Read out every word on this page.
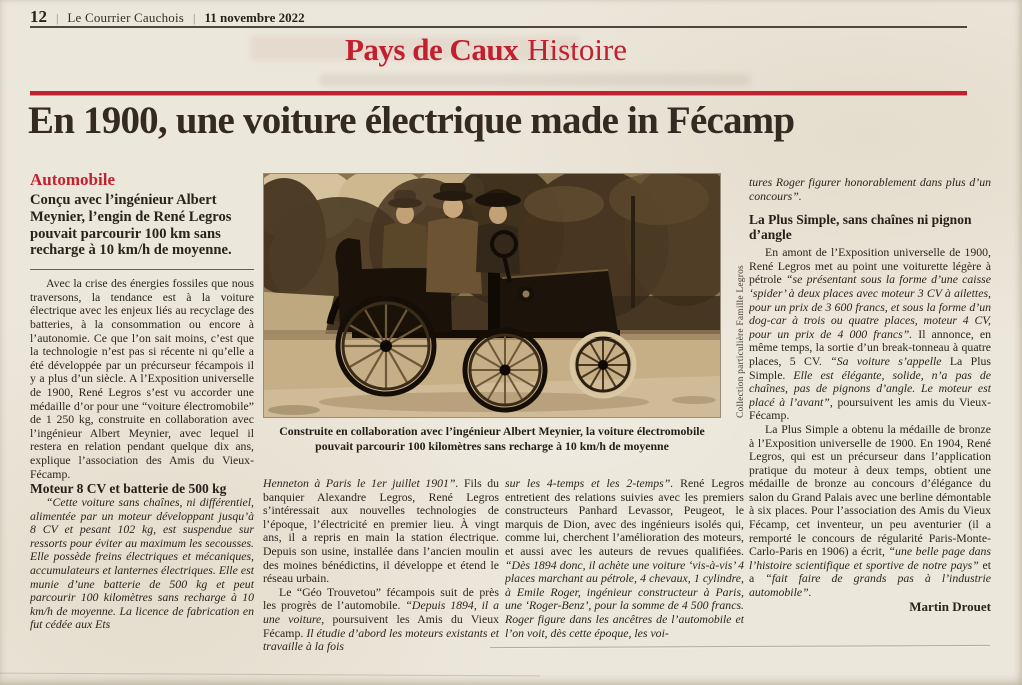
12 | Le Courrier Cauchois | 11 novembre 2022
Pays de Caux Histoire
En 1900, une voiture électrique made in Fécamp

Automobile

Conçu avec l’ingénieur Albert Meynier, l’engin de René Legros pouvait parcourir 100 km sans recharge à 10 km/h de moyenne.

Avec la crise des énergies fossiles que nous traversons, la tendance est à la voiture électrique avec les enjeux liés au recyclage des batteries, à la consommation ou encore à l’autonomie. Ce que l’on sait moins, c’est que la technologie n’est pas si récente ni qu’elle a été développée par un précurseur fécampois il y a plus d’un siècle. A l’Exposition universelle de 1900, René Legros s’est vu accorder une médaille d’or pour une “voiture électromobile” de 1 250 kg, construite en collaboration avec l’ingénieur Albert Meynier, avec lequel il restera en relation pendant quelque dix ans, explique l’association des Amis du Vieux-Fécamp.

Moteur 8 CV et batterie de 500 kg

“Cette voiture sans chaînes, ni différentiel, alimentée par un moteur développant jusqu’à 8 CV et pesant 102 kg, est suspendue sur ressorts pour éviter au maximum les secousses. Elle possède freins électriques et mécaniques, accumulateurs et lanternes électriques. Elle est munie d’une batterie de 500 kg et peut parcourir 100 kilomètres sans recharge à 10 km/h de moyenne. La licence de fabrication en fut cédée aux Ets

Collection particulière Famille Legros
Construite en collaboration avec l’ingénieur Albert Meynier, la voiture électromobile pouvait parcourir 100 kilomètres sans recharge à 10 km/h de moyenne

Henneton à Paris le 1er juillet 1901”. Fils du banquier Alexandre Legros, René Legros s’intéressait aux nouvelles technologies de l’époque, l’électricité en premier lieu. À vingt ans, il a repris en main la station électrique. Depuis son usine, installée dans l’ancien moulin des moines bénédictins, il développe et étend le réseau urbain.

Le “Géo Trouvetou” fécampois suit de près les progrès de l’automobile. “Depuis 1894, il a une voiture, poursuivent les Amis du Vieux Fécamp. Il étudie d’abord les moteurs existants et travaille à la fois

sur les 4-temps et les 2-temps”. René Legros entretient des relations suivies avec les premiers constructeurs Panhard Levassor, Peugeot, le marquis de Dion, avec des ingénieurs isolés qui, comme lui, cherchent l’amélioration des moteurs, et aussi avec les auteurs de revues qualifiées. “Dès 1894 donc, il achète une voiture ‘vis-à-vis’ 4 places marchant au pétrole, 4 chevaux, 1 cylindre, à Emile Roger, ingénieur constructeur à Paris, une ‘Roger-Benz’, pour la somme de 4 500 francs. Roger figure dans les ancêtres de l’automobile et l’on voit, dès cette époque, les voi-

tures Roger figurer honorablement dans plus d’un concours”.

La Plus Simple, sans chaînes ni pignon d’angle

En amont de l’Exposition universelle de 1900, René Legros met au point une voiturette légère à pétrole “se présentant sous la forme d’une caisse ‘spider’ à deux places avec moteur 3 CV à ailettes, pour un prix de 3 600 francs, et sous la forme d’un dog-car à trois ou quatre places, moteur 4 CV, pour un prix de 4 000 francs”. Il annonce, en même temps, la sortie d’un break-tonneau à quatre places, 5 CV. “Sa voiture s’appelle La Plus Simple. Elle est élégante, solide, n’a pas de chaînes, pas de pignons d’angle. Le moteur est placé à l’avant”, poursuivent les amis du Vieux-Fécamp.

La Plus Simple a obtenu la médaille de bronze à l’Exposition universelle de 1900. En 1904, René Legros, qui est un précurseur dans l’application pratique du moteur à deux temps, obtient une médaille de bronze au concours d’élégance du salon du Grand Palais avec une berline démontable à six places. Pour l’association des Amis du Vieux Fécamp, cet inventeur, un peu aventurier (il a remporté le concours de régularité Paris-Monte-Carlo-Paris en 1906) a écrit, “une belle page dans l’histoire scientifique et sportive de notre pays” et a “fait faire de grands pas à l’industrie automobile”.

Martin Drouet
